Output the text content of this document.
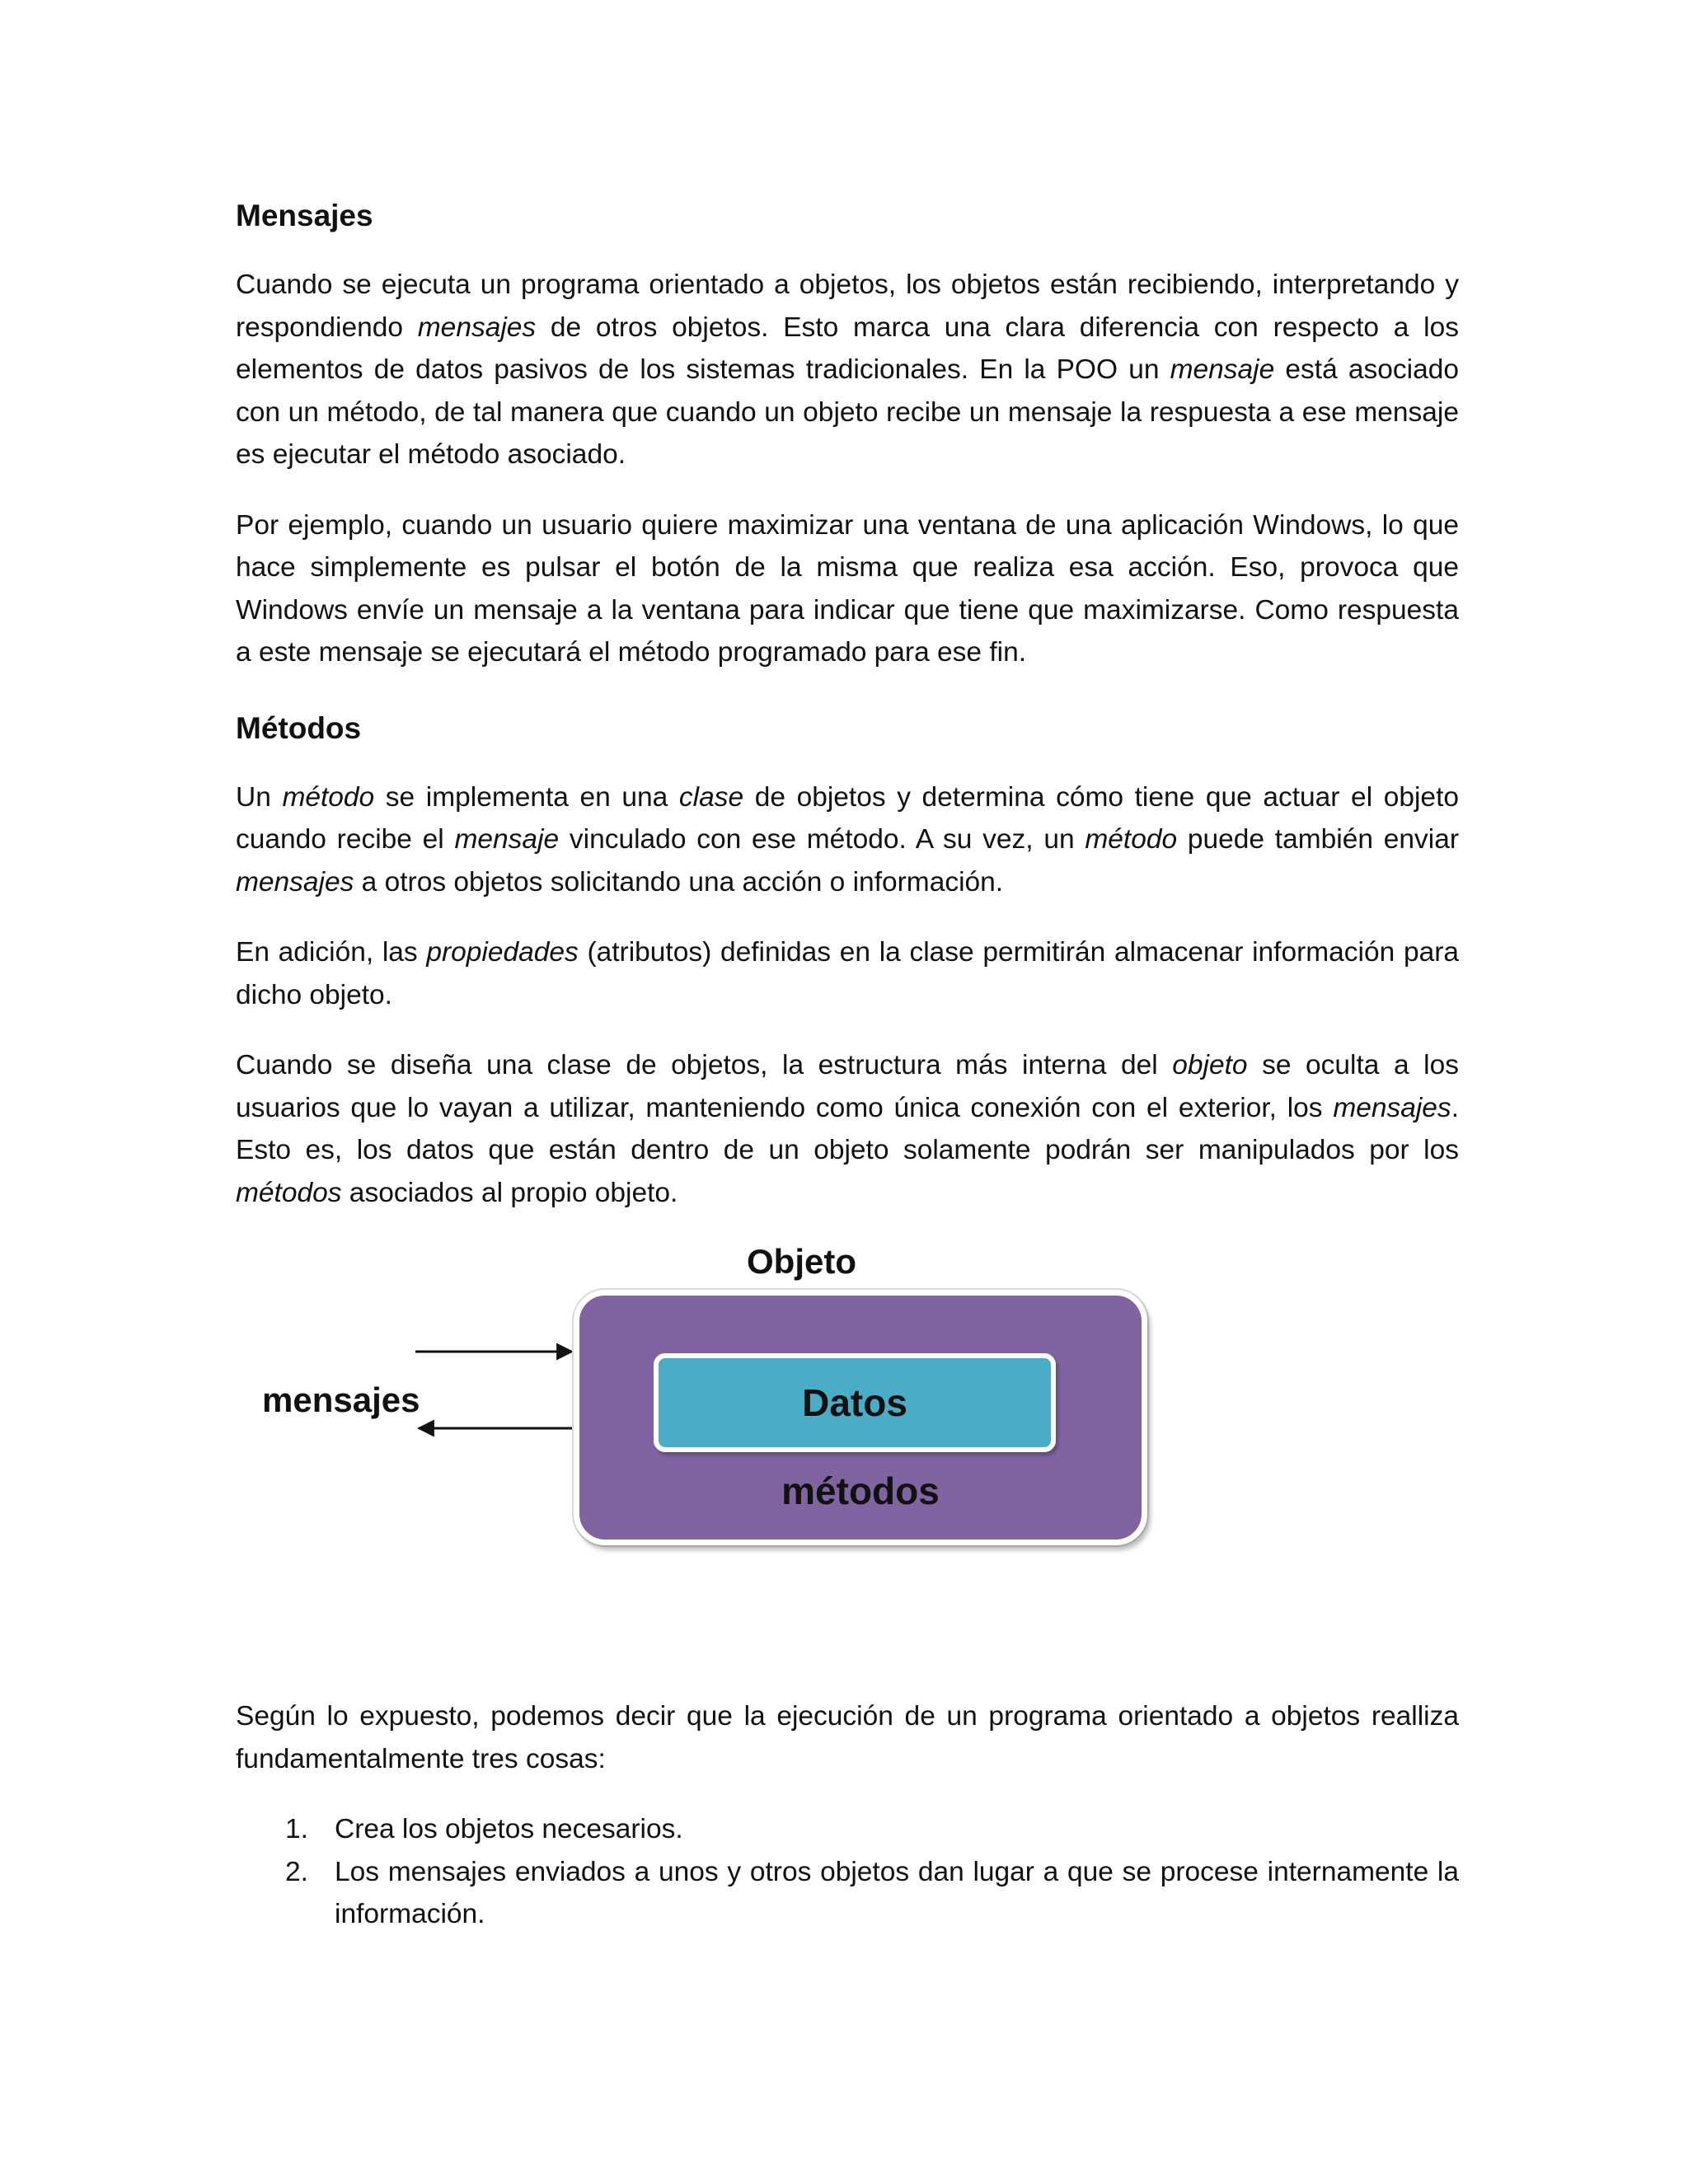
Mensajes

Cuando se ejecuta un programa orientado a objetos, los objetos están recibiendo, interpretando y respondiendo mensajes de otros objetos. Esto marca una clara diferencia con respecto a los elementos de datos pasivos de los sistemas tradicionales. En la POO un mensaje está asociado con un método, de tal manera que cuando un objeto recibe un mensaje la respuesta a ese mensaje es ejecutar el método asociado.

Por ejemplo, cuando un usuario quiere maximizar una ventana de una aplicación Windows, lo que hace simplemente es pulsar el botón de la misma que realiza esa acción. Eso, provoca que Windows envíe un mensaje a la ventana para indicar que tiene que maximizarse. Como respuesta a este mensaje se ejecutará el método programado para ese fin.

Métodos

Un método se implementa en una clase de objetos y determina cómo tiene que actuar el objeto cuando recibe el mensaje vinculado con ese método. A su vez, un método puede también enviar mensajes a otros objetos solicitando una acción o información.

En adición, las propiedades (atributos) definidas en la clase permitirán almacenar información para dicho objeto.

Cuando se diseña una clase de objetos, la estructura más interna del objeto se oculta a los usuarios que lo vayan a utilizar, manteniendo como única conexión con el exterior, los mensajes. Esto es, los datos que están dentro de un objeto solamente podrán ser manipulados por los métodos asociados al propio objeto.

Objeto
mensajes	Datos
métodos

Según lo expuesto, podemos decir que la ejecución de un programa orientado a objetos realliza fundamentalmente tres cosas:

1. Crea los objetos necesarios.
2. Los mensajes enviados a unos y otros objetos dan lugar a que se procese internamente la información.
